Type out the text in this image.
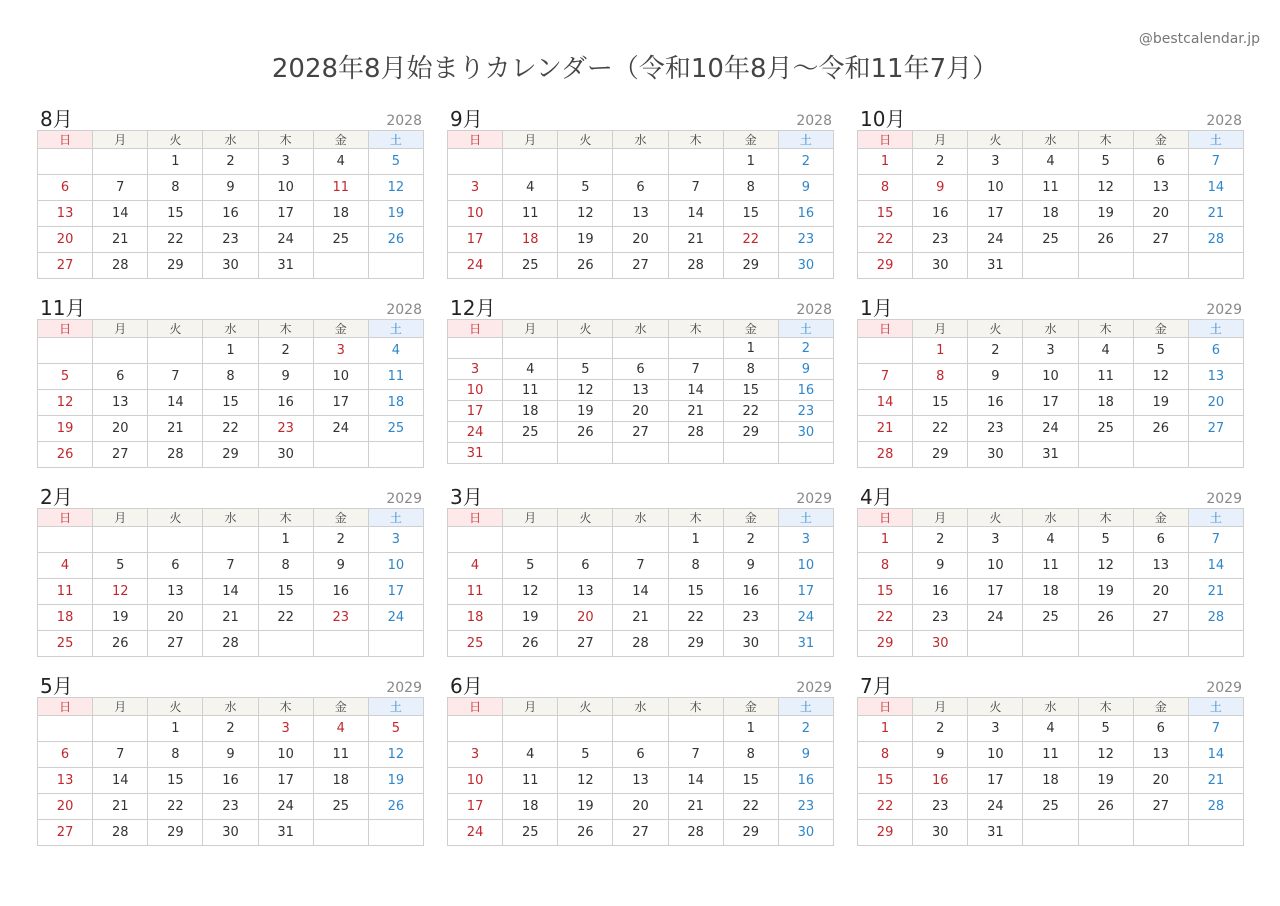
@bestcalendar.jp
2028年8月始まりカレンダー（令和10年8月〜令和11年7月）
8月	2028
日	月	火	水	木	金	土
		1	2	3	4	5
6	7	8	9	10	11	12
13	14	15	16	17	18	19
20	21	22	23	24	25	26
27	28	29	30	31		
9月	2028
日	月	火	水	木	金	土
					1	2
3	4	5	6	7	8	9
10	11	12	13	14	15	16
17	18	19	20	21	22	23
24	25	26	27	28	29	30
10月	2028
日	月	火	水	木	金	土
1	2	3	4	5	6	7
8	9	10	11	12	13	14
15	16	17	18	19	20	21
22	23	24	25	26	27	28
29	30	31				
11月	2028
日	月	火	水	木	金	土
			1	2	3	4
5	6	7	8	9	10	11
12	13	14	15	16	17	18
19	20	21	22	23	24	25
26	27	28	29	30		
12月	2028
日	月	火	水	木	金	土
					1	2
3	4	5	6	7	8	9
10	11	12	13	14	15	16
17	18	19	20	21	22	23
24	25	26	27	28	29	30
31						
1月	2029
日	月	火	水	木	金	土
	1	2	3	4	5	6
7	8	9	10	11	12	13
14	15	16	17	18	19	20
21	22	23	24	25	26	27
28	29	30	31			
2月	2029
日	月	火	水	木	金	土
				1	2	3
4	5	6	7	8	9	10
11	12	13	14	15	16	17
18	19	20	21	22	23	24
25	26	27	28			
3月	2029
日	月	火	水	木	金	土
				1	2	3
4	5	6	7	8	9	10
11	12	13	14	15	16	17
18	19	20	21	22	23	24
25	26	27	28	29	30	31
4月	2029
日	月	火	水	木	金	土
1	2	3	4	5	6	7
8	9	10	11	12	13	14
15	16	17	18	19	20	21
22	23	24	25	26	27	28
29	30					
5月	2029
日	月	火	水	木	金	土
		1	2	3	4	5
6	7	8	9	10	11	12
13	14	15	16	17	18	19
20	21	22	23	24	25	26
27	28	29	30	31		
6月	2029
日	月	火	水	木	金	土
					1	2
3	4	5	6	7	8	9
10	11	12	13	14	15	16
17	18	19	20	21	22	23
24	25	26	27	28	29	30
7月	2029
日	月	火	水	木	金	土
1	2	3	4	5	6	7
8	9	10	11	12	13	14
15	16	17	18	19	20	21
22	23	24	25	26	27	28
29	30	31				
